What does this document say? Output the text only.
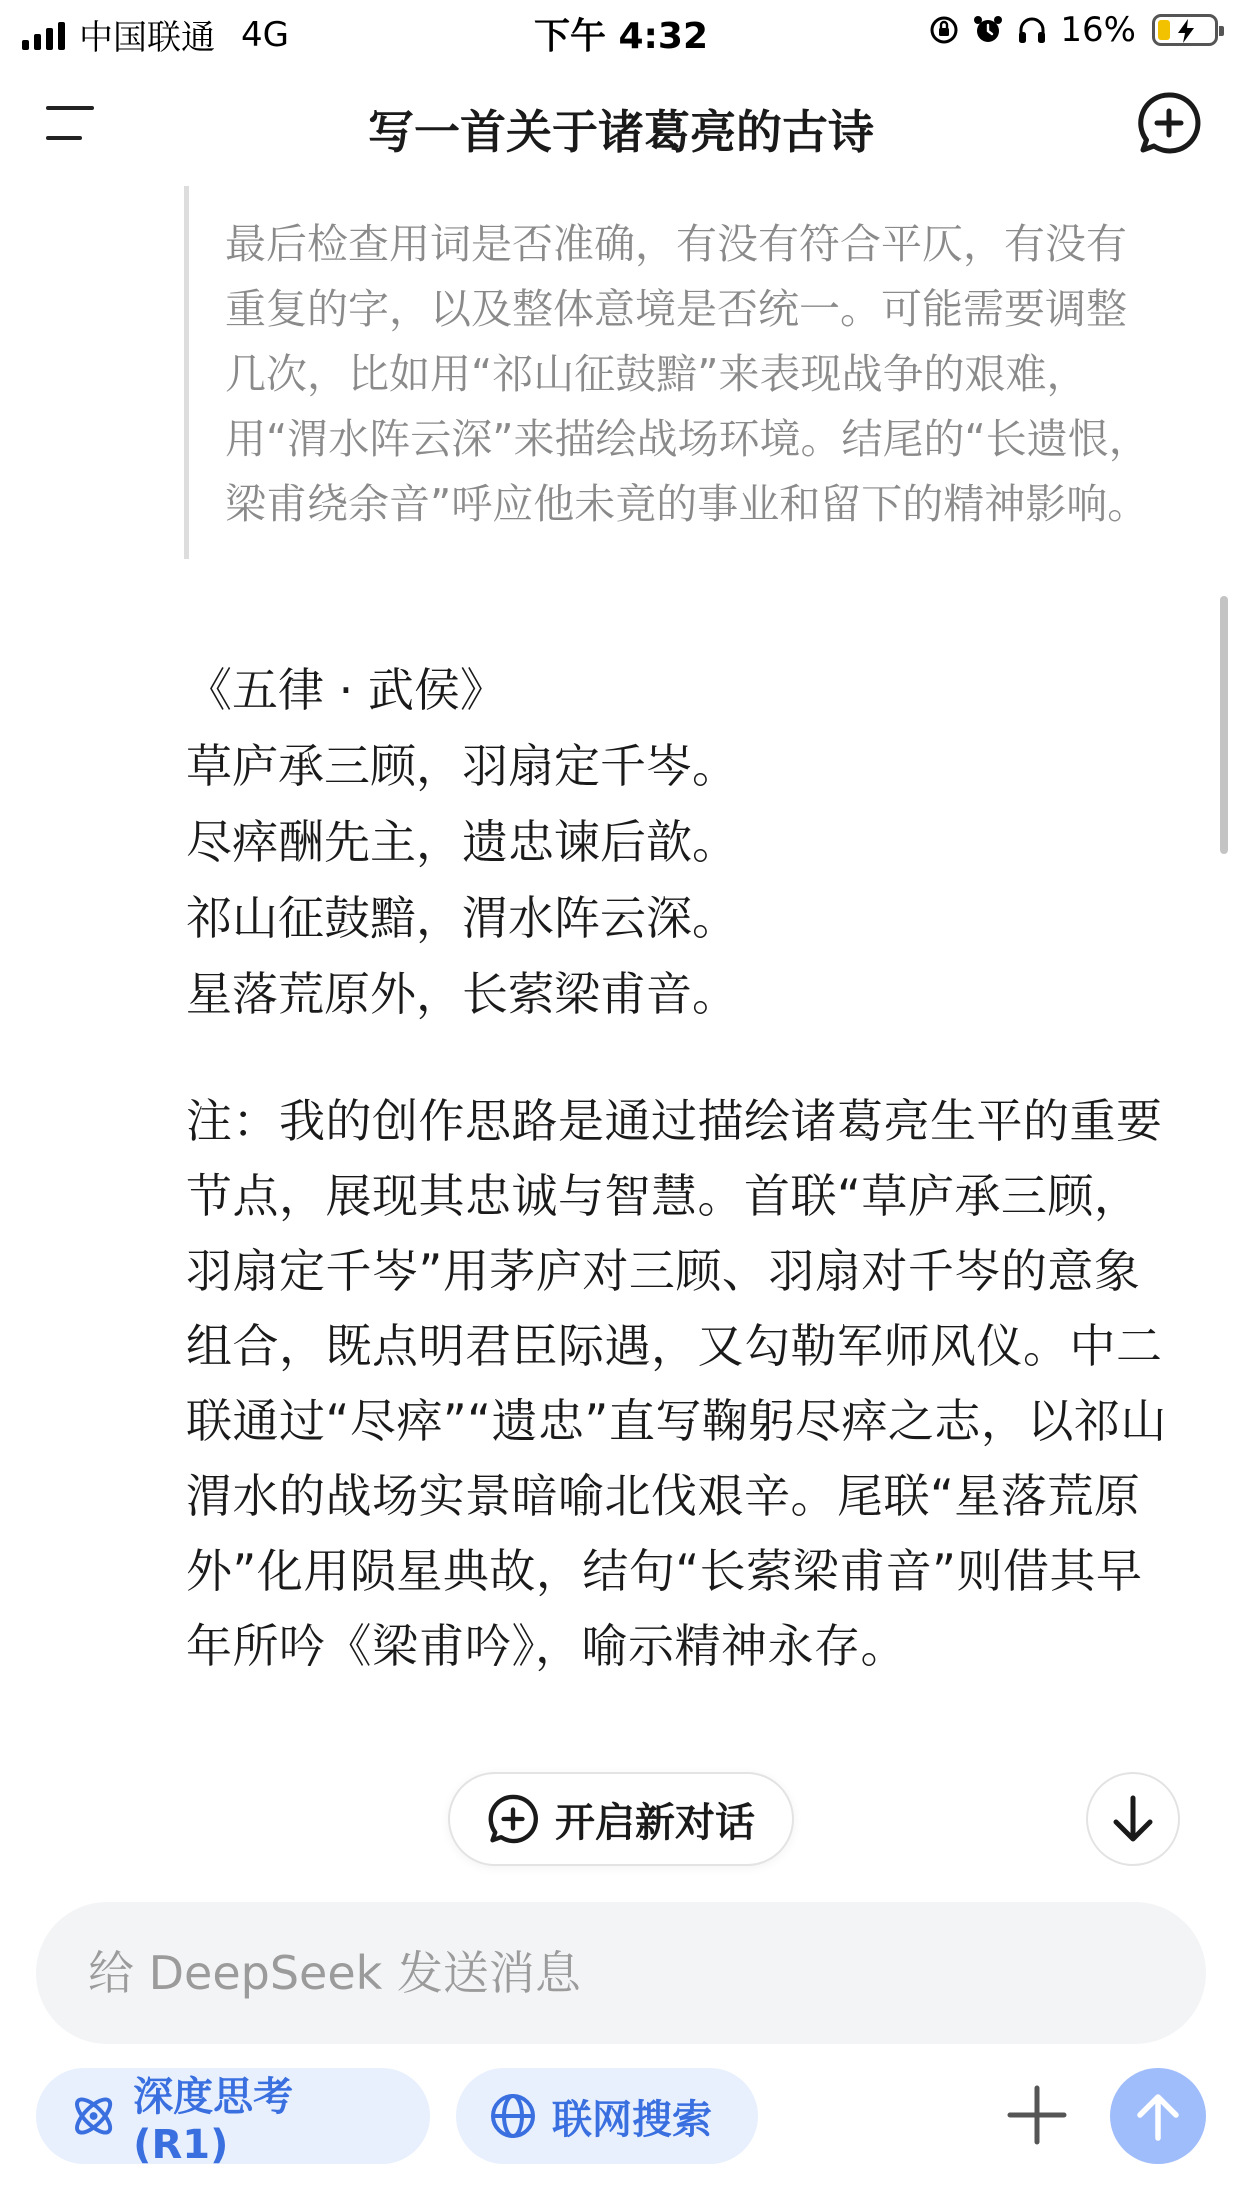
中国联通 4G	下午 4:32	16%
写一首关于诸葛亮的古诗
最后检查用词是否准确，有没有符合平仄，有没有重复的字，以及整体意境是否统一。可能需要调整几次，比如用“祁山征鼓黯”来表现战争的艰难，用“渭水阵云深”来描绘战场环境。结尾的“长遗恨，梁甫绕余音”呼应他未竟的事业和留下的精神影响。
《五律 · 武侯》
草庐承三顾，羽扇定千岑。
尽瘁酬先主，遗忠谏后歆。
祁山征鼓黯，渭水阵云深。
星落荒原外，长萦梁甫音。
注：我的创作思路是通过描绘诸葛亮生平的重要节点，展现其忠诚与智慧。首联“草庐承三顾，羽扇定千岑”用茅庐对三顾、羽扇对千岑的意象组合，既点明君臣际遇，又勾勒军师风仪。中二联通过“尽瘁”“遗忠”直写鞠躬尽瘁之志，以祁山渭水的战场实景暗喻北伐艰辛。尾联“星落荒原外”化用陨星典故，结句“长萦梁甫音”则借其早年所吟《梁甫吟》，喻示精神永存。
开启新对话
给 DeepSeek 发送消息
深度思考 (R1)
联网搜索
